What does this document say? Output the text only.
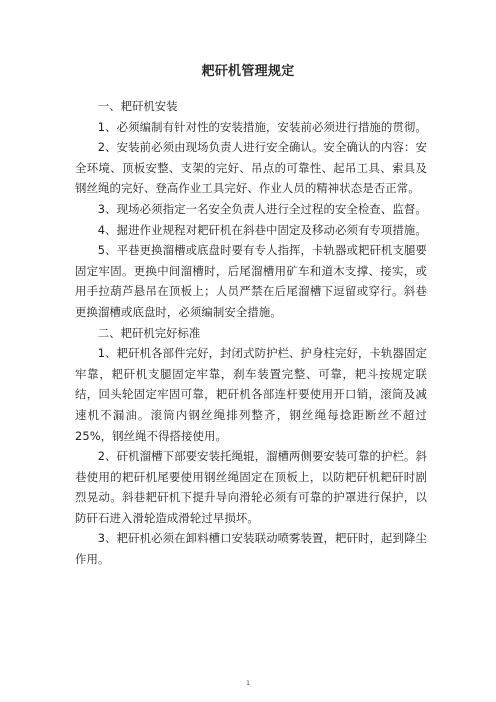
耙矸机管理规定

一、耙矸机安装

1、必须编制有针对性的安装措施，安装前必须进行措施的贯彻。

2、安装前必须由现场负责人进行安全确认。安全确认的内容：安全环境、顶板安整、支架的完好、吊点的可靠性、起吊工具、索具及钢丝绳的完好、登高作业工具完好、作业人员的精神状态是否正常。

3、现场必须指定一名安全负责人进行全过程的安全检查、监督。

4、掘进作业规程对耙矸机在斜巷中固定及移动必须有专项措施。

5、平巷更换溜槽或底盘时要有专人指挥，卡轨器或耙矸机支腿要固定牢固。更换中间溜槽时，后尾溜槽用矿车和道木支撑、接实，或用手拉葫芦悬吊在顶板上；人员严禁在后尾溜槽下逗留或穿行。斜巷更换溜槽或底盘时，必须编制安全措施。

二、耙矸机完好标准

1、耙矸机各部件完好，封闭式防护栏、护身柱完好，卡轨器固定牢靠，耙矸机支腿固定牢靠，刹车装置完整、可靠，耙斗按规定联结，回头轮固定牢固可靠，耙矸机各部连杆要使用开口销，滚筒及减速机不漏油。滚筒内钢丝绳排列整齐，钢丝绳每捻距断丝不超过25%，钢丝绳不得搭接使用。

2、矸机溜槽下部要安装托绳辊，溜槽两侧要安装可靠的护栏。斜巷使用的耙矸机尾要使用钢丝绳固定在顶板上，以防耙矸机耙矸时剧烈晃动。斜巷耙矸机下提升导向滑轮必须有可靠的护罩进行保护，以防矸石进入滑轮造成滑轮过早损坏。

3、耙矸机必须在卸料槽口安装联动喷雾装置，耙矸时，起到降尘作用。

1
